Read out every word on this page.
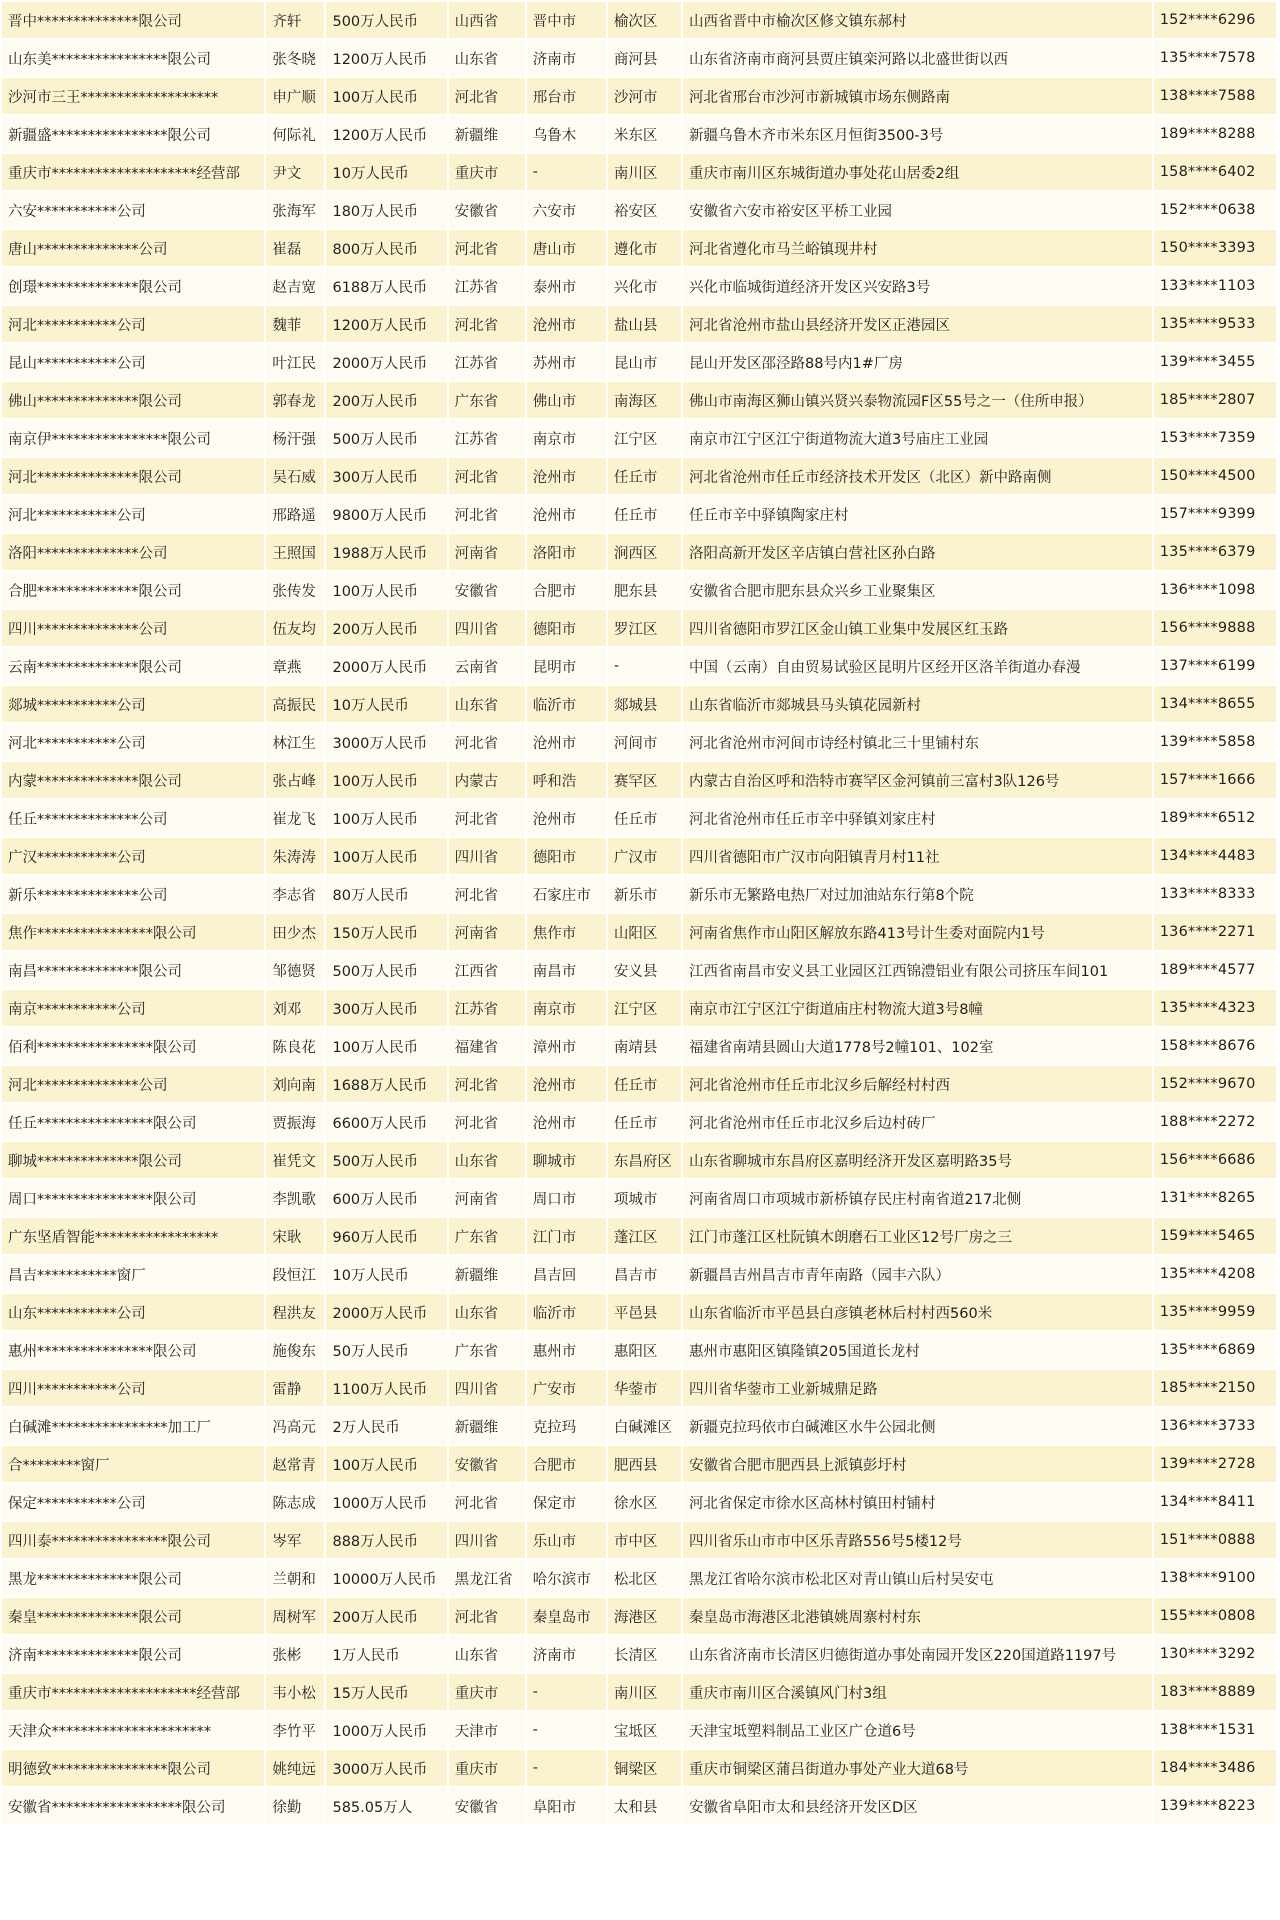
晋中**************限公司	齐轩	500万人民币	山西省	晋中市	榆次区	山西省晋中市榆次区修文镇东郝村	152****6296
山东美****************限公司	张冬晓	1200万人民币	山东省	济南市	商河县	山东省济南市商河县贾庄镇栾河路以北盛世街以西	135****7578
沙河市三王*******************	申广顺	100万人民币	河北省	邢台市	沙河市	河北省邢台市沙河市新城镇市场东侧路南	138****7588
新疆盛****************限公司	何际礼	1200万人民币	新疆维	乌鲁木	米东区	新疆乌鲁木齐市米东区月恒街3500-3号	189****8288
重庆市********************经营部	尹文	10万人民币	重庆市	-	南川区	重庆市南川区东城街道办事处花山居委2组	158****6402
六安***********公司	张海军	180万人民币	安徽省	六安市	裕安区	安徽省六安市裕安区平桥工业园	152****0638
唐山**************公司	崔磊	800万人民币	河北省	唐山市	遵化市	河北省遵化市马兰峪镇现井村	150****3393
创璟**************限公司	赵吉宽	6188万人民币	江苏省	泰州市	兴化市	兴化市临城街道经济开发区兴安路3号	133****1103
河北***********公司	魏菲	1200万人民币	河北省	沧州市	盐山县	河北省沧州市盐山县经济开发区正港园区	135****9533
昆山***********公司	叶江民	2000万人民币	江苏省	苏州市	昆山市	昆山开发区邵泾路88号内1#厂房	139****3455
佛山**************限公司	郭春龙	200万人民币	广东省	佛山市	南海区	佛山市南海区狮山镇兴贤兴泰物流园F区55号之一（住所申报）	185****2807
南京伊****************限公司	杨汗强	500万人民币	江苏省	南京市	江宁区	南京市江宁区江宁街道物流大道3号庙庄工业园	153****7359
河北**************限公司	吴石威	300万人民币	河北省	沧州市	任丘市	河北省沧州市任丘市经济技术开发区（北区）新中路南侧	150****4500
河北***********公司	邢路遥	9800万人民币	河北省	沧州市	任丘市	任丘市辛中驿镇陶家庄村	157****9399
洛阳**************公司	王照国	1988万人民币	河南省	洛阳市	涧西区	洛阳高新开发区辛店镇白营社区孙白路	135****6379
合肥**************限公司	张传发	100万人民币	安徽省	合肥市	肥东县	安徽省合肥市肥东县众兴乡工业聚集区	136****1098
四川**************公司	伍友均	200万人民币	四川省	德阳市	罗江区	四川省德阳市罗江区金山镇工业集中发展区红玉路	156****9888
云南**************限公司	章燕	2000万人民币	云南省	昆明市	-	中国（云南）自由贸易试验区昆明片区经开区洛羊街道办春漫	137****6199
郯城***********公司	高振民	10万人民币	山东省	临沂市	郯城县	山东省临沂市郯城县马头镇花园新村	134****8655
河北***********公司	林江生	3000万人民币	河北省	沧州市	河间市	河北省沧州市河间市诗经村镇北三十里铺村东	139****5858
内蒙**************限公司	张占峰	100万人民币	内蒙古	呼和浩	赛罕区	内蒙古自治区呼和浩特市赛罕区金河镇前三富村3队126号	157****1666
任丘**************公司	崔龙飞	100万人民币	河北省	沧州市	任丘市	河北省沧州市任丘市辛中驿镇刘家庄村	189****6512
广汉***********公司	朱涛涛	100万人民币	四川省	德阳市	广汉市	四川省德阳市广汉市向阳镇青月村11社	134****4483
新乐**************公司	李志省	80万人民币	河北省	石家庄市	新乐市	新乐市无繁路电热厂对过加油站东行第8个院	133****8333
焦作****************限公司	田少杰	150万人民币	河南省	焦作市	山阳区	河南省焦作市山阳区解放东路413号计生委对面院内1号	136****2271
南昌**************限公司	邹德贤	500万人民币	江西省	南昌市	安义县	江西省南昌市安义县工业园区江西锦澧铝业有限公司挤压车间101	189****4577
南京***********公司	刘邓	300万人民币	江苏省	南京市	江宁区	南京市江宁区江宁街道庙庄村物流大道3号8幢	135****4323
佰利****************限公司	陈良花	100万人民币	福建省	漳州市	南靖县	福建省南靖县圆山大道1778号2幢101、102室	158****8676
河北**************公司	刘向南	1688万人民币	河北省	沧州市	任丘市	河北省沧州市任丘市北汉乡后解经村村西	152****9670
任丘****************限公司	贾振海	6600万人民币	河北省	沧州市	任丘市	河北省沧州市任丘市北汉乡后边村砖厂	188****2272
聊城**************限公司	崔凭文	500万人民币	山东省	聊城市	东昌府区	山东省聊城市东昌府区嘉明经济开发区嘉明路35号	156****6686
周口****************限公司	李凯歌	600万人民币	河南省	周口市	项城市	河南省周口市项城市新桥镇存民庄村南省道217北侧	131****8265
广东坚盾智能*****************	宋耿	960万人民币	广东省	江门市	蓬江区	江门市蓬江区杜阮镇木朗磨石工业区12号厂房之三	159****5465
昌吉***********窗厂	段恒江	10万人民币	新疆维	昌吉回	昌吉市	新疆昌吉州昌吉市青年南路（园丰六队）	135****4208
山东***********公司	程洪友	2000万人民币	山东省	临沂市	平邑县	山东省临沂市平邑县白彦镇老林后村村西560米	135****9959
惠州****************限公司	施俊东	50万人民币	广东省	惠州市	惠阳区	惠州市惠阳区镇隆镇205国道长龙村	135****6869
四川***********公司	雷静	1100万人民币	四川省	广安市	华蓥市	四川省华蓥市工业新城鼎足路	185****2150
白碱滩****************加工厂	冯高元	2万人民币	新疆维	克拉玛	白碱滩区	新疆克拉玛依市白碱滩区水牛公园北侧	136****3733
合********窗厂	赵常青	100万人民币	安徽省	合肥市	肥西县	安徽省合肥市肥西县上派镇彭圩村	139****2728
保定***********公司	陈志成	1000万人民币	河北省	保定市	徐水区	河北省保定市徐水区高林村镇田村铺村	134****8411
四川泰****************限公司	岑军	888万人民币	四川省	乐山市	市中区	四川省乐山市市中区乐青路556号5楼12号	151****0888
黑龙**************限公司	兰朝和	10000万人民币	黑龙江省	哈尔滨市	松北区	黑龙江省哈尔滨市松北区对青山镇山后村吴安屯	138****9100
秦皇**************限公司	周树军	200万人民币	河北省	秦皇岛市	海港区	秦皇岛市海港区北港镇姚周寨村村东	155****0808
济南**************限公司	张彬	1万人民币	山东省	济南市	长清区	山东省济南市长清区归德街道办事处南园开发区220国道路1197号	130****3292
重庆市********************经营部	韦小松	15万人民币	重庆市	-	南川区	重庆市南川区合溪镇风门村3组	183****8889
天津众**********************	李竹平	1000万人民币	天津市	-	宝坻区	天津宝坻塑料制品工业区广仓道6号	138****1531
明德致****************限公司	姚纯远	3000万人民币	重庆市	-	铜梁区	重庆市铜梁区蒲吕街道办事处产业大道68号	184****3486
安徽省******************限公司	徐勤	585.05万人	安徽省	阜阳市	太和县	安徽省阜阳市太和县经济开发区D区	139****8223
